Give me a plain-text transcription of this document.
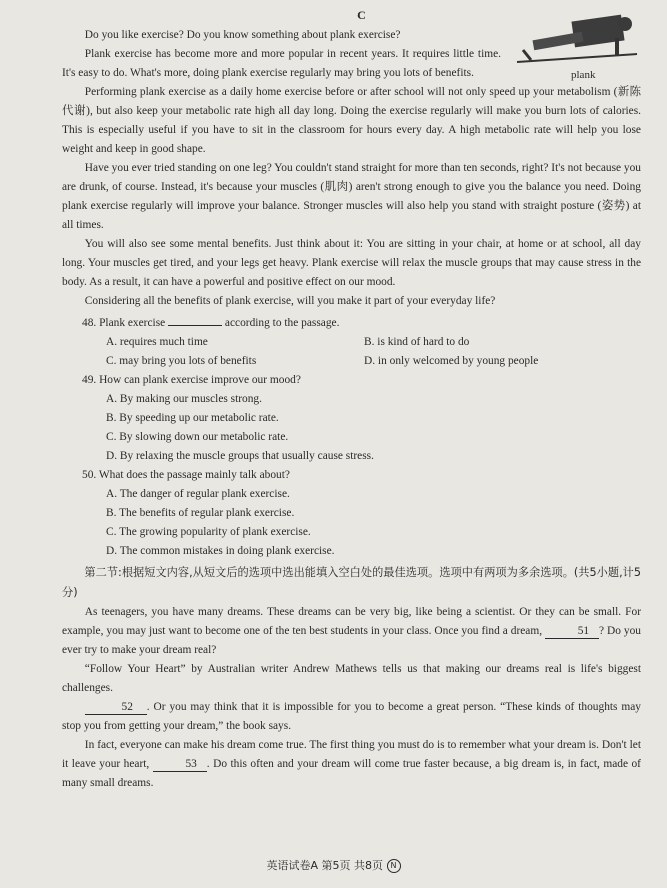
plank
C

Do you like exercise? Do you know something about plank exercise?

Plank exercise has become more and more popular in recent years. It requires little time. It's easy to do. What's more, doing plank exercise regularly may bring you lots of benefits.

Performing plank exercise as a daily home exercise before or after school will not only speed up your metabolism (新陈代谢), but also keep your metabolic rate high all day long. Doing the exercise regularly will make you burn lots of calories. This is especially useful if you have to sit in the classroom for hours every day. A high metabolic rate will help you lose weight and keep in good shape.

Have you ever tried standing on one leg? You couldn't stand straight for more than ten seconds, right? It's not because you are drunk, of course. Instead, it's because your muscles (肌肉) aren't strong enough to give you the balance you need. Doing plank exercise regularly will improve your balance. Stronger muscles will also help you stand with straight posture (姿势) at all times.

You will also see some mental benefits. Just think about it: You are sitting in your chair, at home or at school, all day long. Your muscles get tired, and your legs get heavy. Plank exercise will relax the muscle groups that may cause stress in the body. As a result, it can have a powerful and positive effect on our mood.

Considering all the benefits of plank exercise, will you make it part of your everyday life?

48. Plank exercise	according to the passage.
A. requires much time	B. is kind of hard to do
C. may bring you lots of benefits	D. in only welcomed by young people
49. How can plank exercise improve our mood?
A. By making our muscles strong.
B. By speeding up our metabolic rate.
C. By slowing down our metabolic rate.
D. By relaxing the muscle groups that usually cause stress.
50. What does the passage mainly talk about?
A. The danger of regular plank exercise.
B. The benefits of regular plank exercise.
C. The growing popularity of plank exercise.
D. The common mistakes in doing plank exercise.

第二节:根据短文内容,从短文后的选项中选出能填入空白处的最佳选项。选项中有两项为多余选项。(共5小题,计5分)

As teenagers, you have many dreams. These dreams can be very big, like being a scientist. Or they can be small. For example, you may just want to become one of the ten best students in your class. Once you find a dream,	51 ? Do you ever try to make your dream real?

“Follow Your Heart” by Australian writer Andrew Mathews tells us that making our dreams real is life's biggest challenges.

52 . Or you may think that it is impossible for you to become a great person. “These kinds of thoughts may stop you from getting your dream,” the book says.

In fact, everyone can make his dream come true. The first thing you must do is to remember what your dream is. Don't let it leave your heart,	53 . Do this often and your dream will come true faster because, a big dream is, in fact, made of many small dreams.

英语试卷A 第5页 共8页 N
